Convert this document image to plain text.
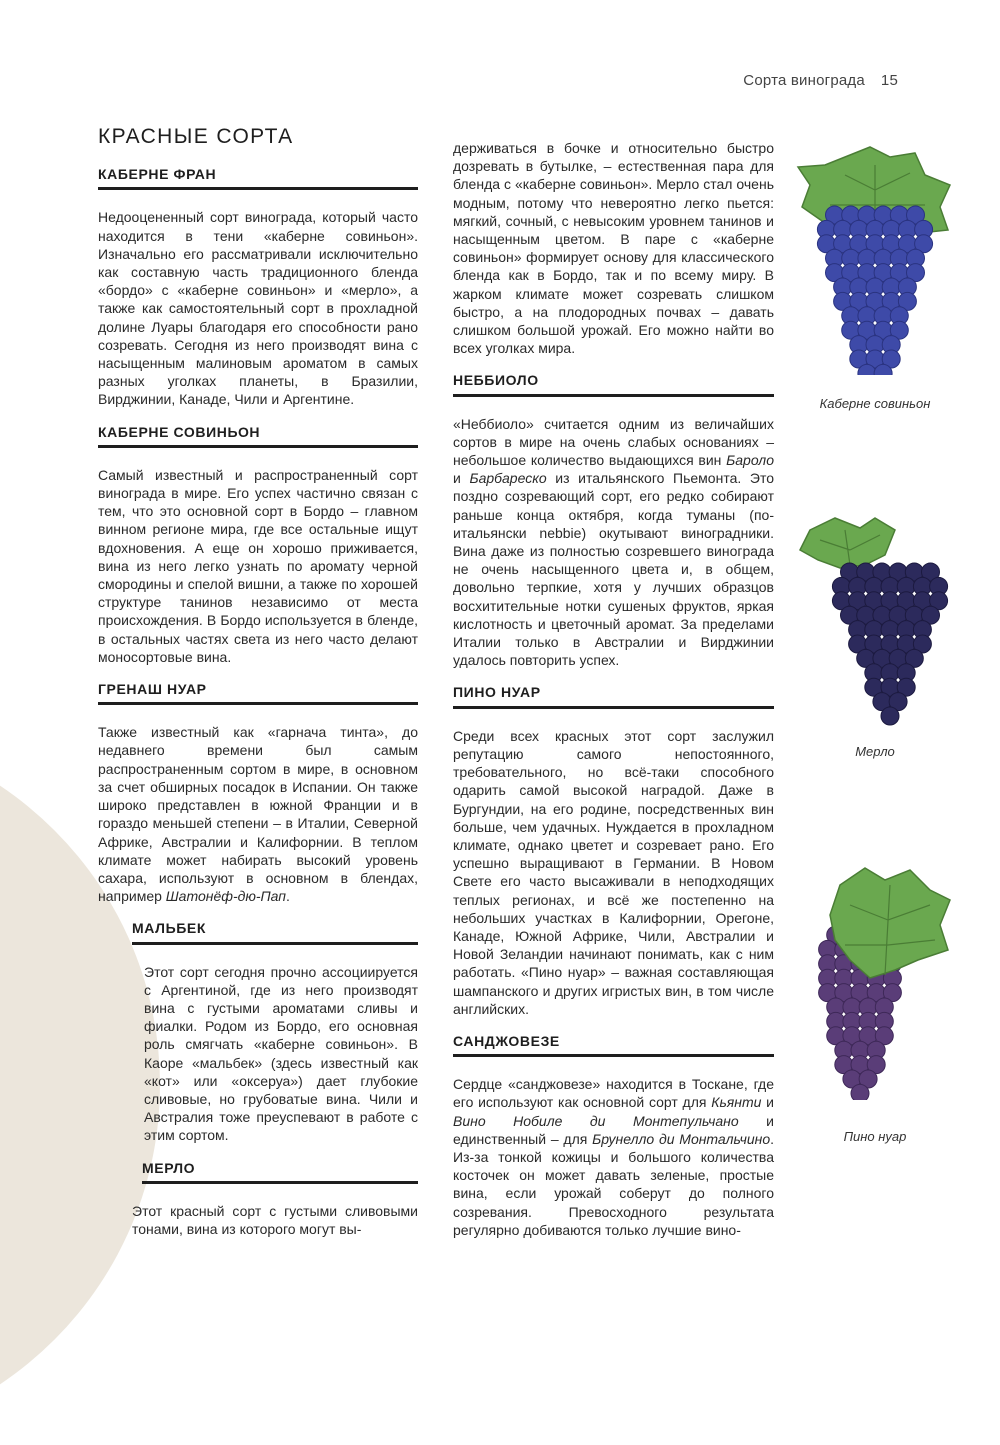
Сорта винограда 15
КРАСНЫЕ СОРТА
КАБЕРНЕ ФРАН

Недооцененный сорт винограда, который часто находится в тени «каберне совиньон». Изначально его рассматривали исключительно как составную часть традиционного бленда «бордо» с «каберне совиньон» и «мерло», а также как самостоятельный сорт в прохладной долине Луары благодаря его способности рано созревать. Сегодня из него производят вина с насыщенным малиновым ароматом в самых разных уголках планеты, в Бразилии, Вирджинии, Канаде, Чили и Аргентине.

КАБЕРНЕ СОВИНЬОН

Самый известный и распространенный сорт винограда в мире. Его успех частично связан с тем, что это основной сорт в Бордо – главном винном регионе мира, где все остальные ищут вдохновения. А еще он хорошо приживается, вина из него легко узнать по аромату черной смородины и спелой вишни, а также по хорошей структуре танинов независимо от места происхождения. В Бордо используется в бленде, в остальных частях света из него часто делают моносортовые вина.

ГРЕНАШ НУАР

Также известный как «гарнача тинта», до недавнего времени был самым распространенным сортом в мире, в основном за счет обширных посадок в Испании. Он также широко представлен в южной Франции и в гораздо меньшей степени – в Италии, Северной Африке, Австралии и Калифорнии. В теплом климате может набирать высокий уровень сахара, используют в основном в блендах, например Шатонёф-дю-Пап.

МАЛЬБЕК

Этот сорт сегодня прочно ассоциируется с Аргентиной, где из него производят вина с густыми ароматами сливы и фиалки. Родом из Бордо, его основная роль смягчать «каберне совиньон». В Каоре «мальбек» (здесь известный как «кот» или «оксеруа») дает глубокие сливовые, но грубоватые вина. Чили и Австралия тоже преуспевают в работе с этим сортом.

МЕРЛО

Этот красный сорт с густыми сливовыми тонами, вина из которого могут вы-

держиваться в бочке и относительно быстро дозревать в бутылке, – естественная пара для бленда с «каберне совиньон». Мерло стал очень модным, потому что невероятно легко пьется: мягкий, сочный, с невысоким уровнем танинов и насыщенным цветом. В паре с «каберне совиньон» формирует основу для классического бленда как в Бордо, так и по всему миру. В жарком климате может созревать слишком быстро, а на плодородных почвах – давать слишком большой урожай. Его можно найти во всех уголках мира.

НЕББИОЛО

«Неббиоло» считается одним из величайших сортов в мире на очень слабых основаниях – небольшое количество выдающихся вин Бароло и Барбареско из итальянского Пьемонта. Это поздно созревающий сорт, его редко собирают раньше конца октября, когда туманы (по-итальянски nebbie) окутывают виноградники. Вина даже из полностью созревшего винограда не очень насыщенного цвета и, в общем, довольно терпкие, хотя у лучших образцов восхитительные нотки сушеных фруктов, яркая кислотность и цветочный аромат. За пределами Италии только в Австралии и Вирджинии удалось повторить успех.

ПИНО НУАР

Среди всех красных этот сорт заслужил репутацию самого непостоянного, требовательного, но всё-таки способного одарить самой высокой наградой. Даже в Бургундии, на его родине, посредственных вин больше, чем удачных. Нуждается в прохладном климате, однако цветет и созревает рано. Его успешно выращивают в Германии. В Новом Свете его часто высаживали в неподходящих теплых регионах, и всё же постепенно на небольших участках в Калифорнии, Орегоне, Канаде, Южной Африке, Чили, Австралии и Новой Зеландии начинают понимать, как с ним работать. «Пино нуар» – важная составляющая шампанского и других игристых вин, в том числе английских.

САНДЖОВЕЗЕ

Сердце «санджовезе» находится в Тоскане, где его используют как основной сорт для Кьянти и Вино Нобиле ди Монтепульчано и единственный – для Брунелло ди Монтальчино. Из-за тонкой кожицы и большого количества косточек он может давать зеленые, простые вина, если урожай соберут до полного созревания. Превосходного результата регулярно добиваются только лучшие вино-

Каберне совиньон
Мерло
Пино нуар
